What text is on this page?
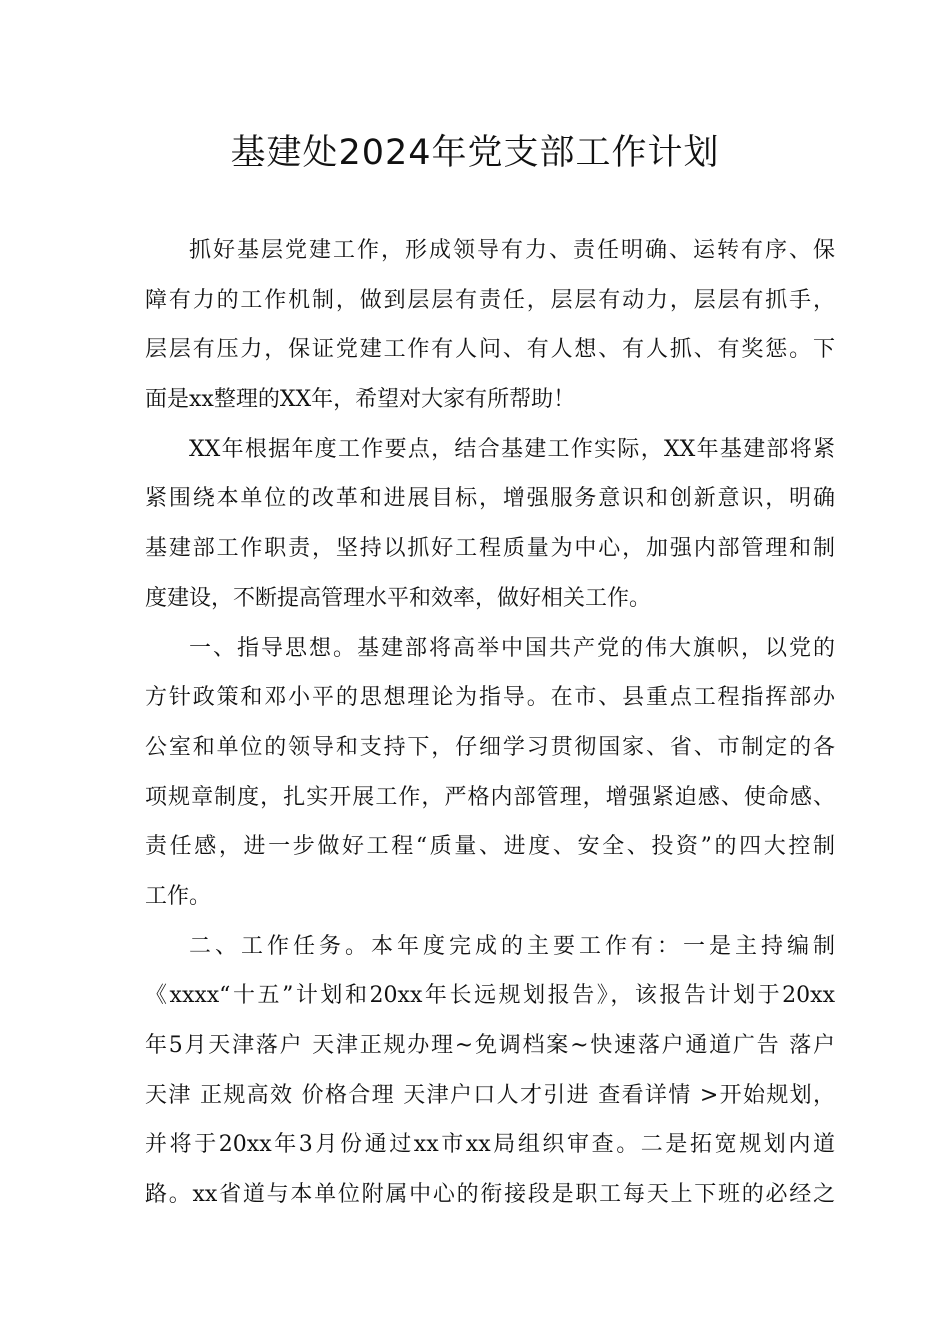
基建处2024年党支部工作计划
抓好基层党建工作，形成领导有力、责任明确、运转有序、保
障有力的工作机制，做到层层有责任，层层有动力，层层有抓手，
层层有压力，保证党建工作有人问、有人想、有人抓、有奖惩。下
面是xx整理的XX年，希望对大家有所帮助！
XX年根据年度工作要点，结合基建工作实际，XX年基建部将紧
紧围绕本单位的改革和进展目标，增强服务意识和创新意识，明确
基建部工作职责，坚持以抓好工程质量为中心，加强内部管理和制
度建设，不断提高管理水平和效率，做好相关工作。
一、指导思想。基建部将高举中国共产党的伟大旗帜，以党的
方针政策和邓小平的思想理论为指导。在市、县重点工程指挥部办
公室和单位的领导和支持下，仔细学习贯彻国家、省、市制定的各
项规章制度，扎实开展工作，严格内部管理，增强紧迫感、使命感、
责任感，进一步做好工程“质量、进度、安全、投资”的四大控制
工作。
二、工作任务。本年度完成的主要工作有：一是主持编制
《xxxx“十五”计划和20xx年长远规划报告》，该报告计划于20xx
年5月天津落户 天津正规办理~免调档案~快速落户通道广告 落户
天津 正规高效 价格合理 天津户口人才引进 查看详情 >开始规划，
并将于20xx年3月份通过xx市xx局组织审查。二是拓宽规划内道
路。xx省道与本单位附属中心的衔接段是职工每天上下班的必经之
